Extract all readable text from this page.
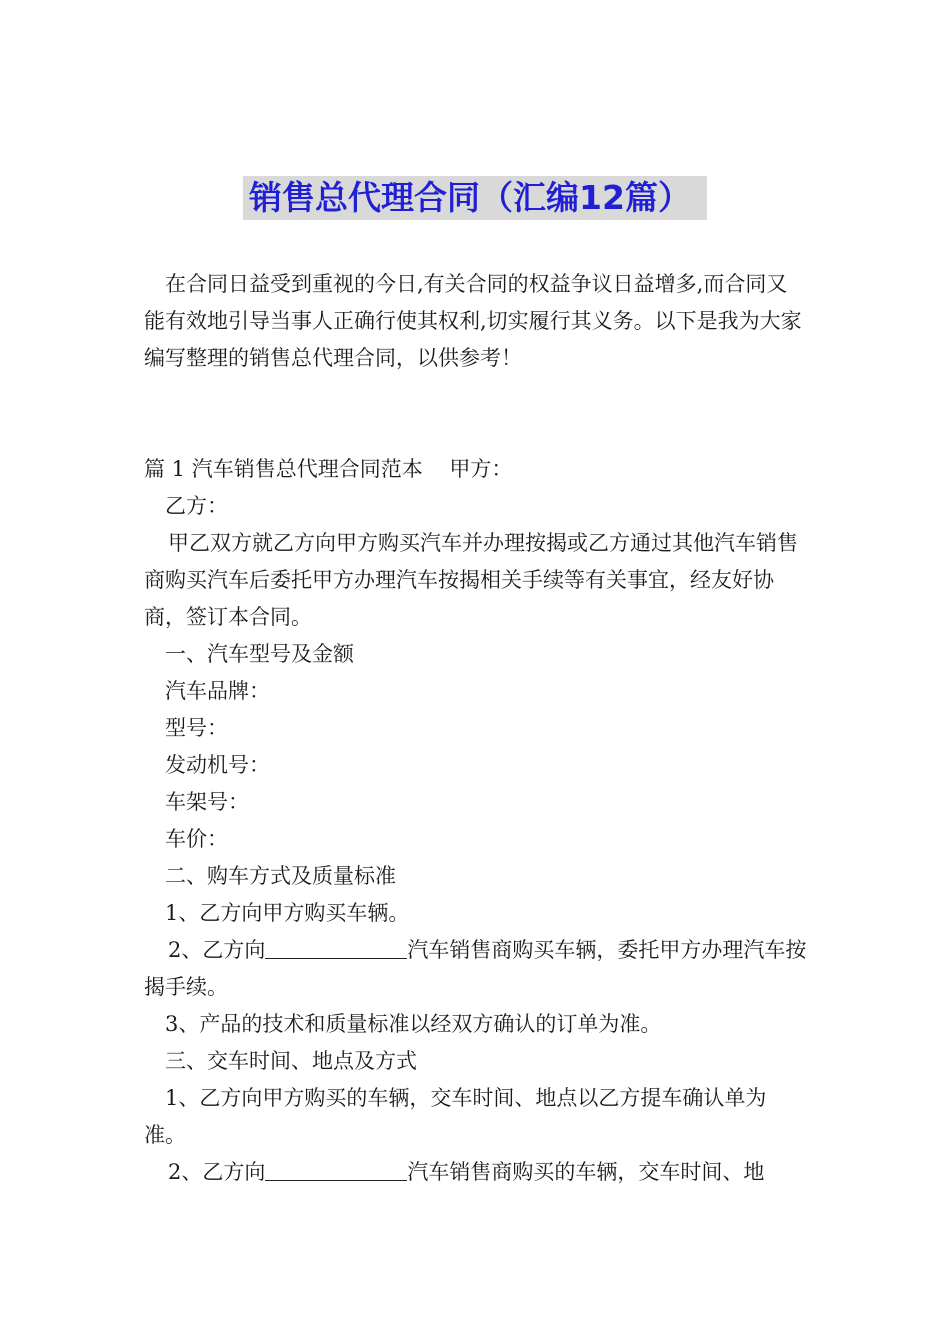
销售总代理合同（汇编12篇）

在合同日益受到重视的今日,有关合同的权益争议日益增多,而合同又能有效地引导当事人正确行使其权利,切实履行其义务。以下是我为大家编写整理的销售总代理合同，以供参考！

篇 1 汽车销售总代理合同范本 甲方：

乙方：

甲乙双方就乙方向甲方购买汽车并办理按揭或乙方通过其他汽车销售商购买汽车后委托甲方办理汽车按揭相关手续等有关事宜，经友好协商，签订本合同。

一、汽车型号及金额

汽车品牌：

型号：

发动机号：

车架号：

车价：

二、购车方式及质量标准

1、乙方向甲方购买车辆。

2、乙方向	汽车销售商购买车辆，委托甲方办理汽车按揭手续。

3、产品的技术和质量标准以经双方确认的订单为准。

三、交车时间、地点及方式

1、乙方向甲方购买的车辆，交车时间、地点以乙方提车确认单为准。

2、乙方向	汽车销售商购买的车辆，交车时间、地
